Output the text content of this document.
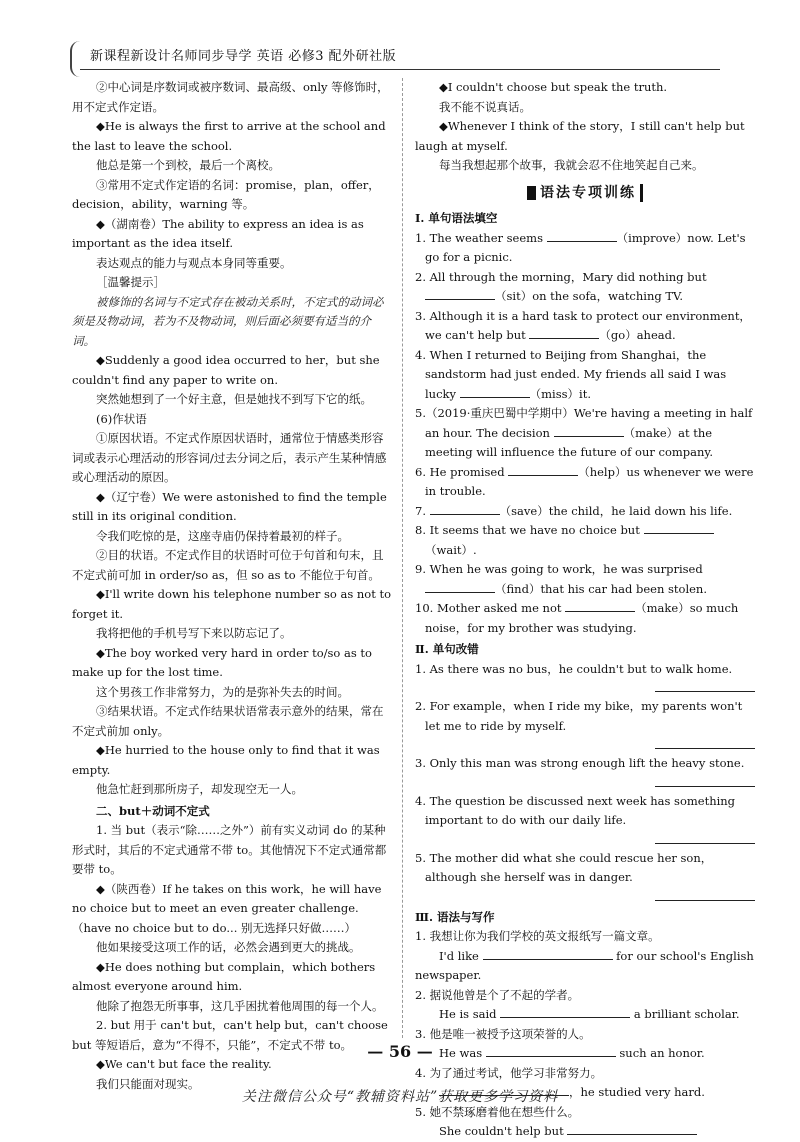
新课程新设计名师同步导学 英语 必修3 配外研社版

②中心词是序数词或被序数词、最高级、only 等修饰时，用不定式作定语。

◆He is always the first to arrive at the school and the last to leave the school.

他总是第一个到校，最后一个离校。

③常用不定式作定语的名词：promise，plan，offer，decision，ability，warning 等。

◆（湖南卷）The ability to express an idea is as important as the idea itself.

表达观点的能力与观点本身同等重要。

［温馨提示］

被修饰的名词与不定式存在被动关系时，不定式的动词必须是及物动词，若为不及物动词，则后面必须要有适当的介词。

◆Suddenly a good idea occurred to her，but she couldn't find any paper to write on.

突然她想到了一个好主意，但是她找不到写下它的纸。

(6)作状语

①原因状语。不定式作原因状语时，通常位于情感类形容词或表示心理活动的形容词/过去分词之后，表示产生某种情感或心理活动的原因。

◆（辽宁卷）We were astonished to find the temple still in its original condition.

令我们吃惊的是，这座寺庙仍保持着最初的样子。

②目的状语。不定式作目的状语时可位于句首和句末，且不定式前可加 in order/so as，但 so as to 不能位于句首。

◆I'll write down his telephone number so as not to forget it.

我将把他的手机号写下来以防忘记了。

◆The boy worked very hard in order to/so as to make up for the lost time.

这个男孩工作非常努力，为的是弥补失去的时间。

③结果状语。不定式作结果状语常表示意外的结果，常在不定式前加 only。

◆He hurried to the house only to find that it was empty.

他急忙赶到那所房子，却发现空无一人。

二、but＋动词不定式

1. 当 but（表示“除……之外”）前有实义动词 do 的某种形式时，其后的不定式通常不带 to。其他情况下不定式通常都要带 to。

◆（陕西卷）If he takes on this work，he will have no choice but to meet an even greater challenge.（have no choice but to do... 别无选择只好做……）

他如果接受这项工作的话，必然会遇到更大的挑战。

◆He does nothing but complain，which bothers almost everyone around him.

他除了抱怨无所事事，这几乎困扰着他周围的每一个人。

2. but 用于 can't but，can't help but，can't choose but 等短语后，意为“不得不，只能”，不定式不带 to。

◆We can't but face the reality.

我们只能面对现实。

◆I couldn't choose but speak the truth.

我不能不说真话。

◆Whenever I think of the story，I still can't help but laugh at myself.

每当我想起那个故事，我就会忍不住地笑起自己来。

语法专项训练

Ⅰ. 单句语法填空

1. The weather seems	（improve）now. Let's go for a picnic.

2. All through the morning，Mary did nothing but （sit）on the sofa，watching TV.

3. Although it is a hard task to protect our environment，we can't help but	（go）ahead.

4. When I returned to Beijing from Shanghai，the sandstorm had just ended. My friends all said I was lucky	（miss）it.

5.（2019·重庆巴蜀中学期中）We're having a meeting in half an hour. The decision	（make）at the meeting will influence the future of our company.

6. He promised	（help）us whenever we were in trouble.

7.	（save）the child，he laid down his life.

8. It seems that we have no choice but （wait）.

9. When he was going to work，he was surprised （find）that his car had been stolen.

10. Mother asked me not	（make）so much noise，for my brother was studying.

Ⅱ. 单句改错

1. As there was no bus，he couldn't but to walk home.

2. For example，when I ride my bike，my parents won't let me to ride by myself.

3. Only this man was strong enough lift the heavy stone.

4. The question be discussed next week has something important to do with our daily life.

5. The mother did what she could rescue her son，although she herself was in danger.

Ⅲ. 语法与写作

1. 我想让你为我们学校的英文报纸写一篇文章。

I'd like	for our school's English newspaper.

2. 据说他曾是个了不起的学者。

He is said	a brilliant scholar.

3. 他是唯一被授予这项荣誉的人。

He was	such an honor.

4. 为了通过考试，他学习非常努力。

，he studied very hard.

5. 她不禁琢磨着他在想些什么。

She couldn't help but

— 56 —
关注微信公众号“教辅资料站”获取更多学习资料
